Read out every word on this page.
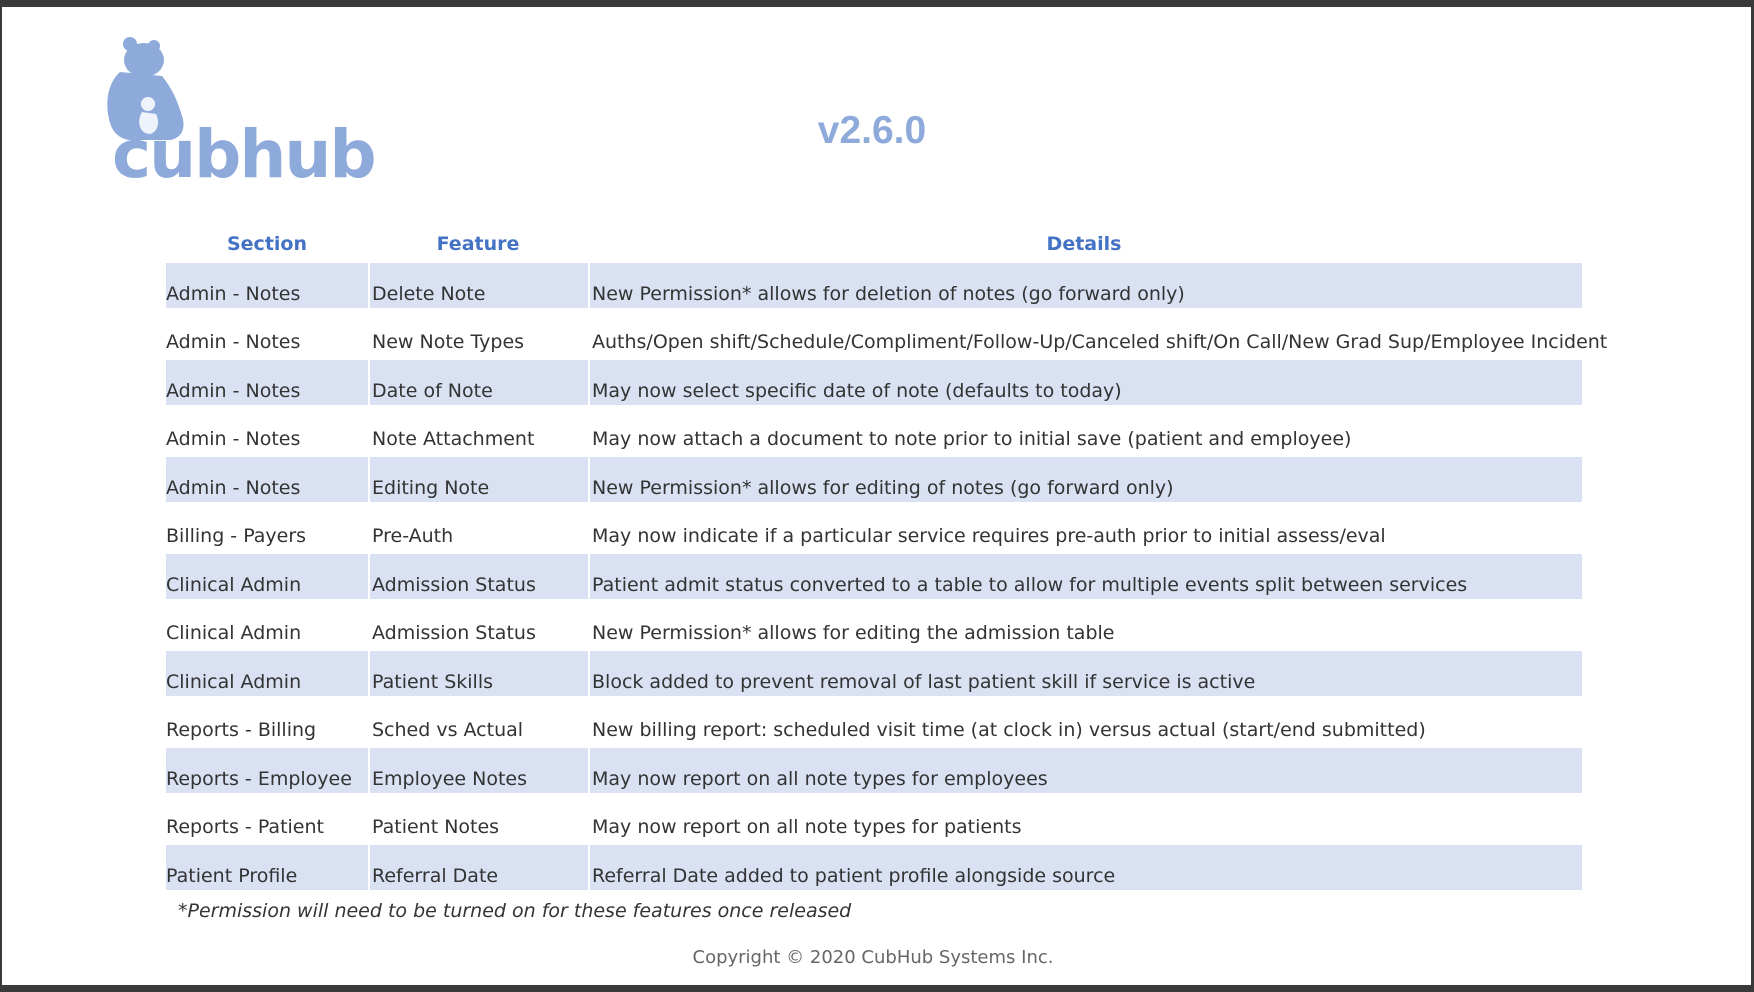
cubhub	v2.6.0
Section	Feature	Details
Admin - Notes	Delete Note	New Permission* allows for deletion of notes (go forward only)
Admin - Notes	New Note Types	Auths/Open shift/Schedule/Compliment/Follow-Up/Canceled shift/On Call/New Grad Sup/Employee Incident
Admin - Notes	Date of Note	May now select specific date of note (defaults to today)
Admin - Notes	Note Attachment	May now attach a document to note prior to initial save (patient and employee)
Admin - Notes	Editing Note	New Permission* allows for editing of notes (go forward only)
Billing - Payers	Pre-Auth	May now indicate if a particular service requires pre-auth prior to initial assess/eval
Clinical Admin	Admission Status	Patient admit status converted to a table to allow for multiple events split between services
Clinical Admin	Admission Status	New Permission* allows for editing the admission table
Clinical Admin	Patient Skills	Block added to prevent removal of last patient skill if service is active
Reports - Billing	Sched vs Actual	New billing report: scheduled visit time (at clock in) versus actual (start/end submitted)
Reports - Employee	Employee Notes	May now report on all note types for employees
Reports - Patient	Patient Notes	May now report on all note types for patients
Patient Profile	Referral Date	Referral Date added to patient profile alongside source
*Permission will need to be turned on for these features once released
Copyright © 2020 CubHub Systems Inc.
